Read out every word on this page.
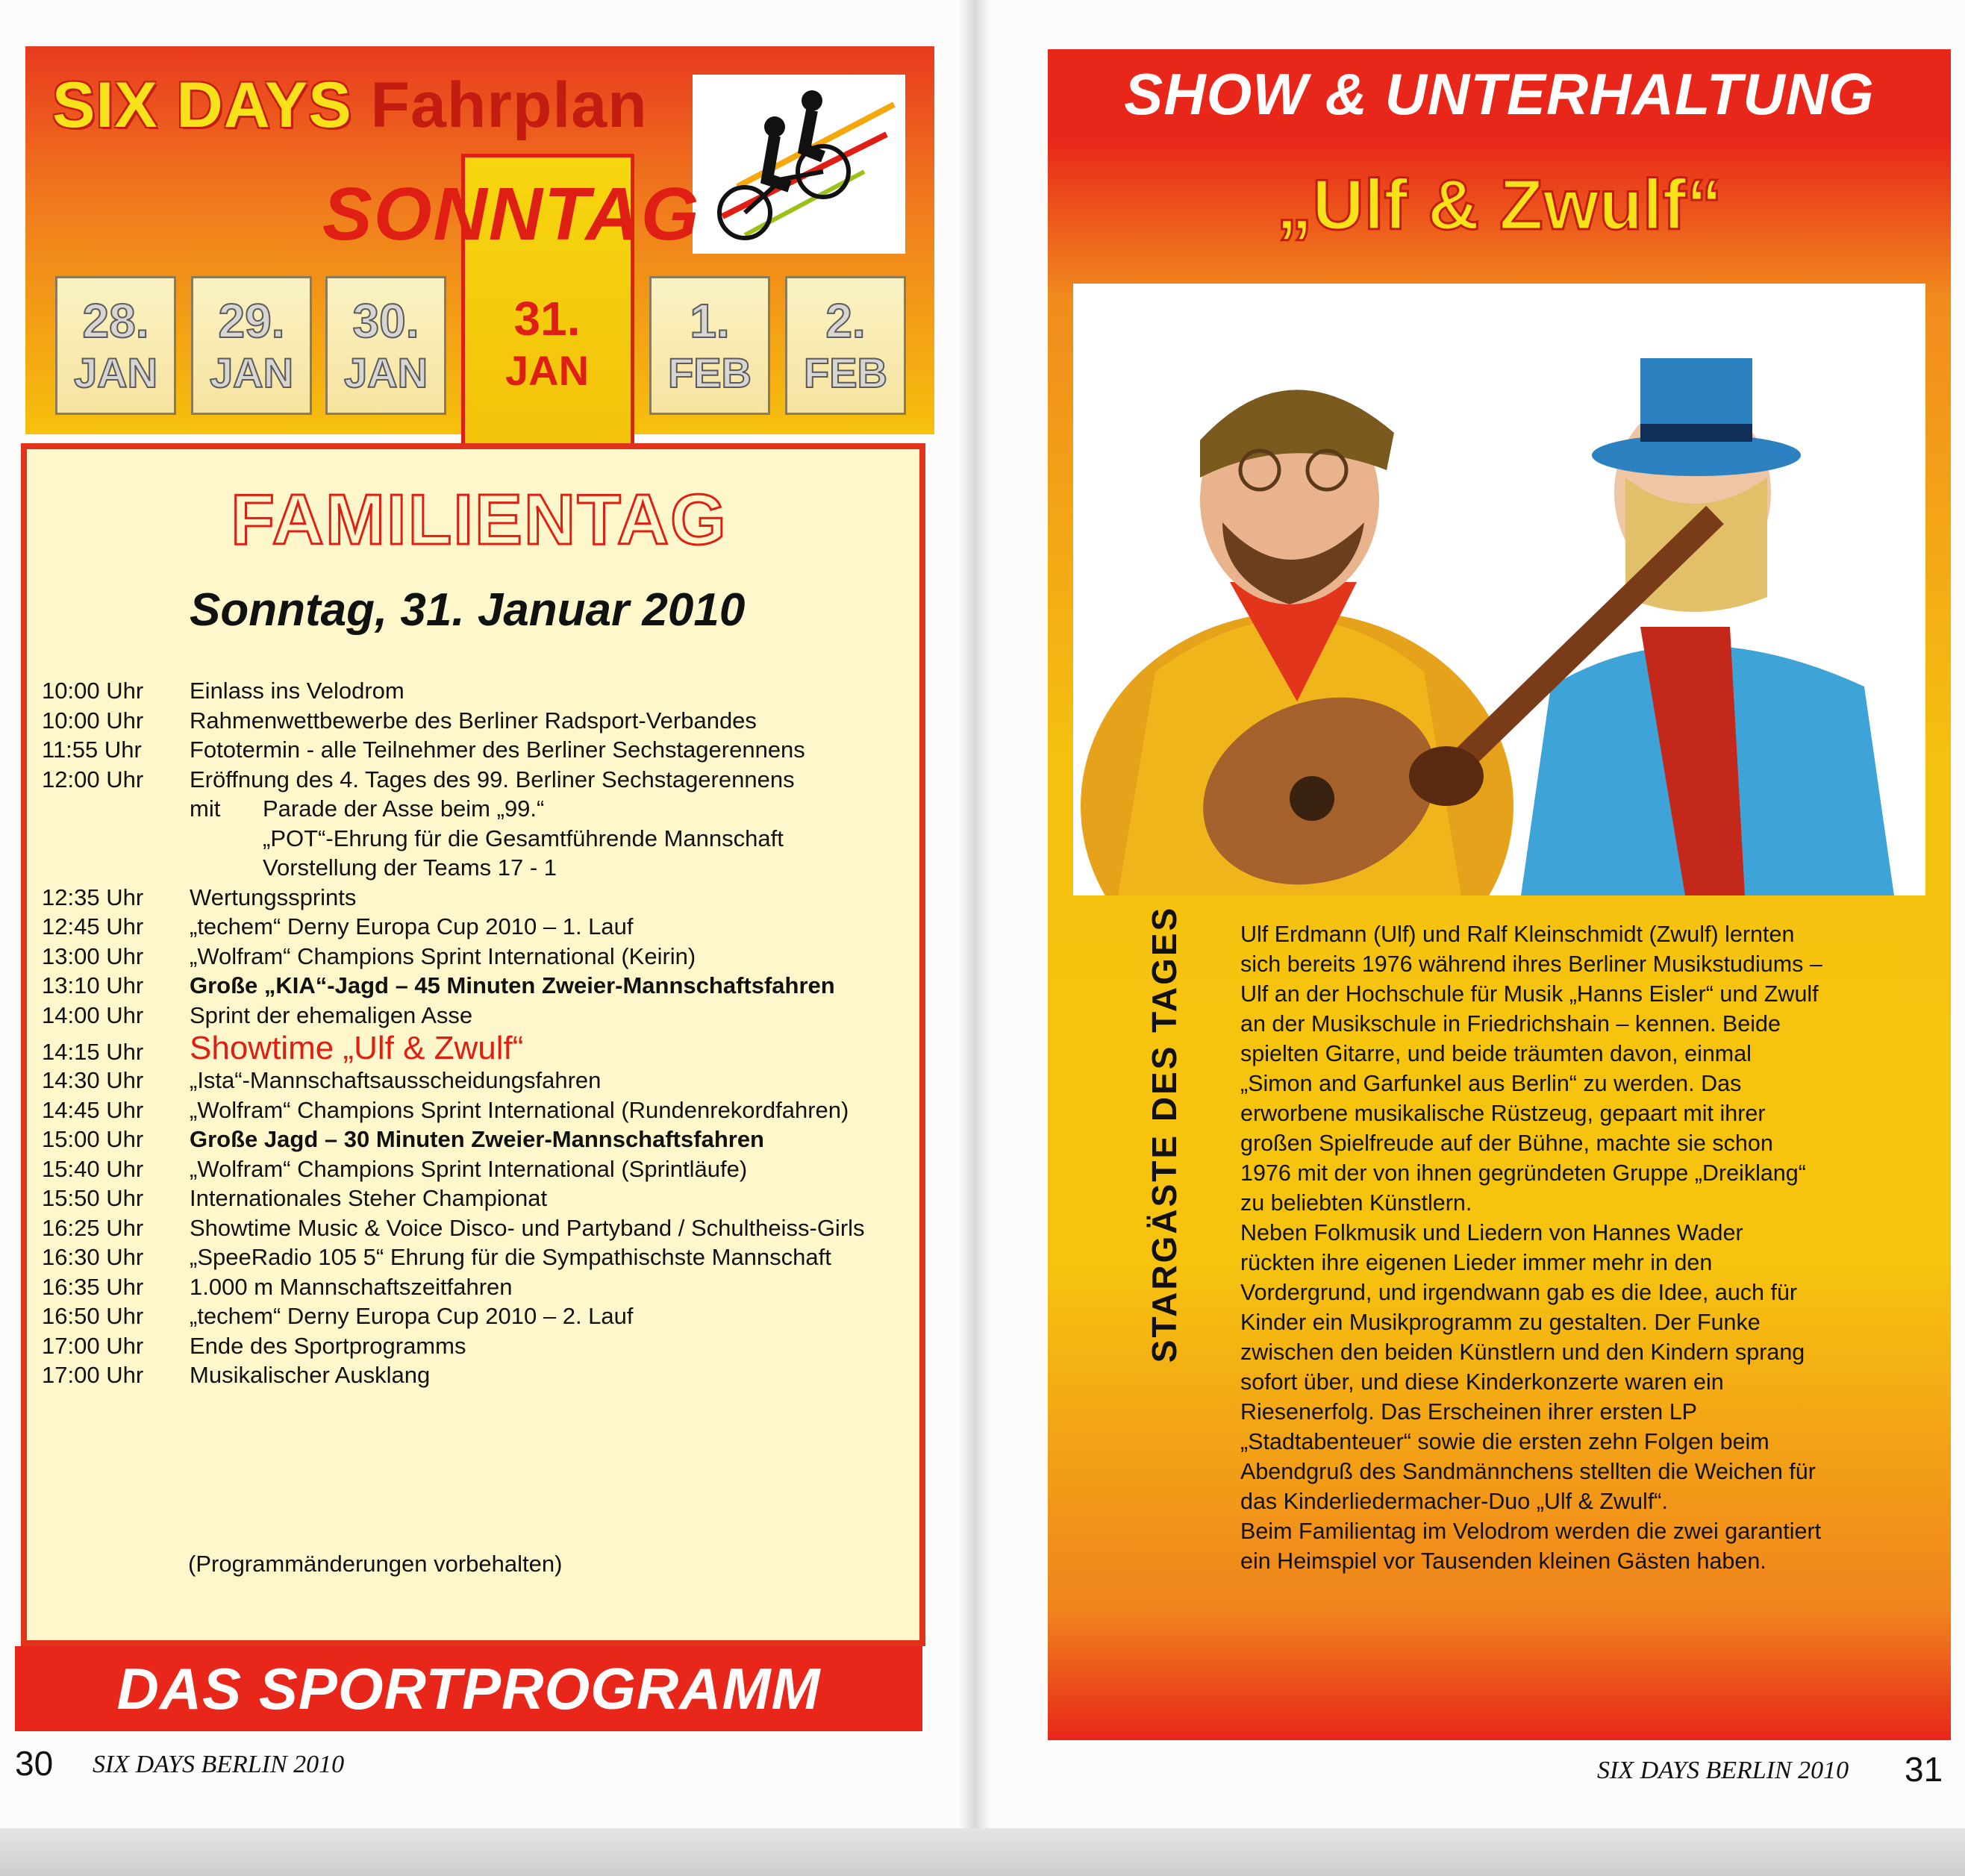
SIX DAYS Fahrplan
SONNTAG
28.
JAN
29.
JAN
30.
JAN
31.
JAN
1.
FEB
2.
FEB
FAMILIENTAG
Sonntag, 31. Januar 2010
10:00 Uhr	Einlass ins Velodrom
10:00 Uhr	Rahmenwettbewerbe des Berliner Radsport-Verbandes
11:55 Uhr	Fototermin - alle Teilnehmer des Berliner Sechstagerennens
12:00 Uhr	Eröffnung des 4. Tages des 99. Berliner Sechstagerennens
mit Parade der Asse beim „99.“
„POT“-Ehrung für die Gesamtführende Mannschaft
Vorstellung der Teams 17 - 1
12:35 Uhr	Wertungssprints
12:45 Uhr	„techem“ Derny Europa Cup 2010 – 1. Lauf
13:00 Uhr	„Wolfram“ Champions Sprint International (Keirin)
13:10 Uhr	Große „KIA“-Jagd – 45 Minuten Zweier-Mannschaftsfahren
14:00 Uhr	Sprint der ehemaligen Asse
14:15 Uhr	Showtime „Ulf & Zwulf“
14:30 Uhr	„Ista“-Mannschaftsausscheidungsfahren
14:45 Uhr	„Wolfram“ Champions Sprint International (Rundenrekordfahren)
15:00 Uhr	Große Jagd – 30 Minuten Zweier-Mannschaftsfahren
15:40 Uhr	„Wolfram“ Champions Sprint International (Sprintläufe)
15:50 Uhr	Internationales Steher Championat
16:25 Uhr	Showtime Music & Voice Disco- und Partyband / Schultheiss-Girls
16:30 Uhr	„SpeeRadio 105 5“ Ehrung für die Sympathischste Mannschaft
16:35 Uhr	1.000 m Mannschaftszeitfahren
16:50 Uhr	„techem“ Derny Europa Cup 2010 – 2. Lauf
17:00 Uhr	Ende des Sportprogramms
17:00 Uhr	Musikalischer Ausklang
(Programmänderungen vorbehalten)
DAS SPORTPROGRAMM
30 SIX DAYS BERLIN 2010
SHOW & UNTERHALTUNG
„Ulf & Zwulf“
STARGÄSTE DES TAGES Ulf Erdmann (Ulf) und Ralf Kleinschmidt (Zwulf) lernten sich bereits 1976 während ihres Berliner Musikstudiums – Ulf an der Hochschule für Musik „Hanns Eisler“ und Zwulf an der Musikschule in Friedrichshain – kennen. Beide spielten Gitarre, und beide träumten davon, einmal „Simon and Garfunkel aus Berlin“ zu werden. Das erworbene musikalische Rüstzeug, gepaart mit ihrer großen Spielfreude auf der Bühne, machte sie schon 1976 mit der von ihnen gegründeten Gruppe „Dreiklang“ zu beliebten Künstlern.

Neben Folkmusik und Liedern von Hannes Wader rückten ihre eigenen Lieder immer mehr in den Vordergrund, und irgendwann gab es die Idee, auch für Kinder ein Musikprogramm zu gestalten. Der Funke zwischen den beiden Künstlern und den Kindern sprang sofort über, und diese Kinderkonzerte waren ein Riesenerfolg. Das Erscheinen ihrer ersten LP „Stadtabenteuer“ sowie die ersten zehn Folgen beim Abendgruß des Sandmännchens stellten die Weichen für das Kinderliedermacher-Duo „Ulf & Zwulf“.

Beim Familientag im Velodrom werden die zwei garantiert ein Heimspiel vor Tausenden kleinen Gästen haben.

SIX DAYS BERLIN 2010 31
